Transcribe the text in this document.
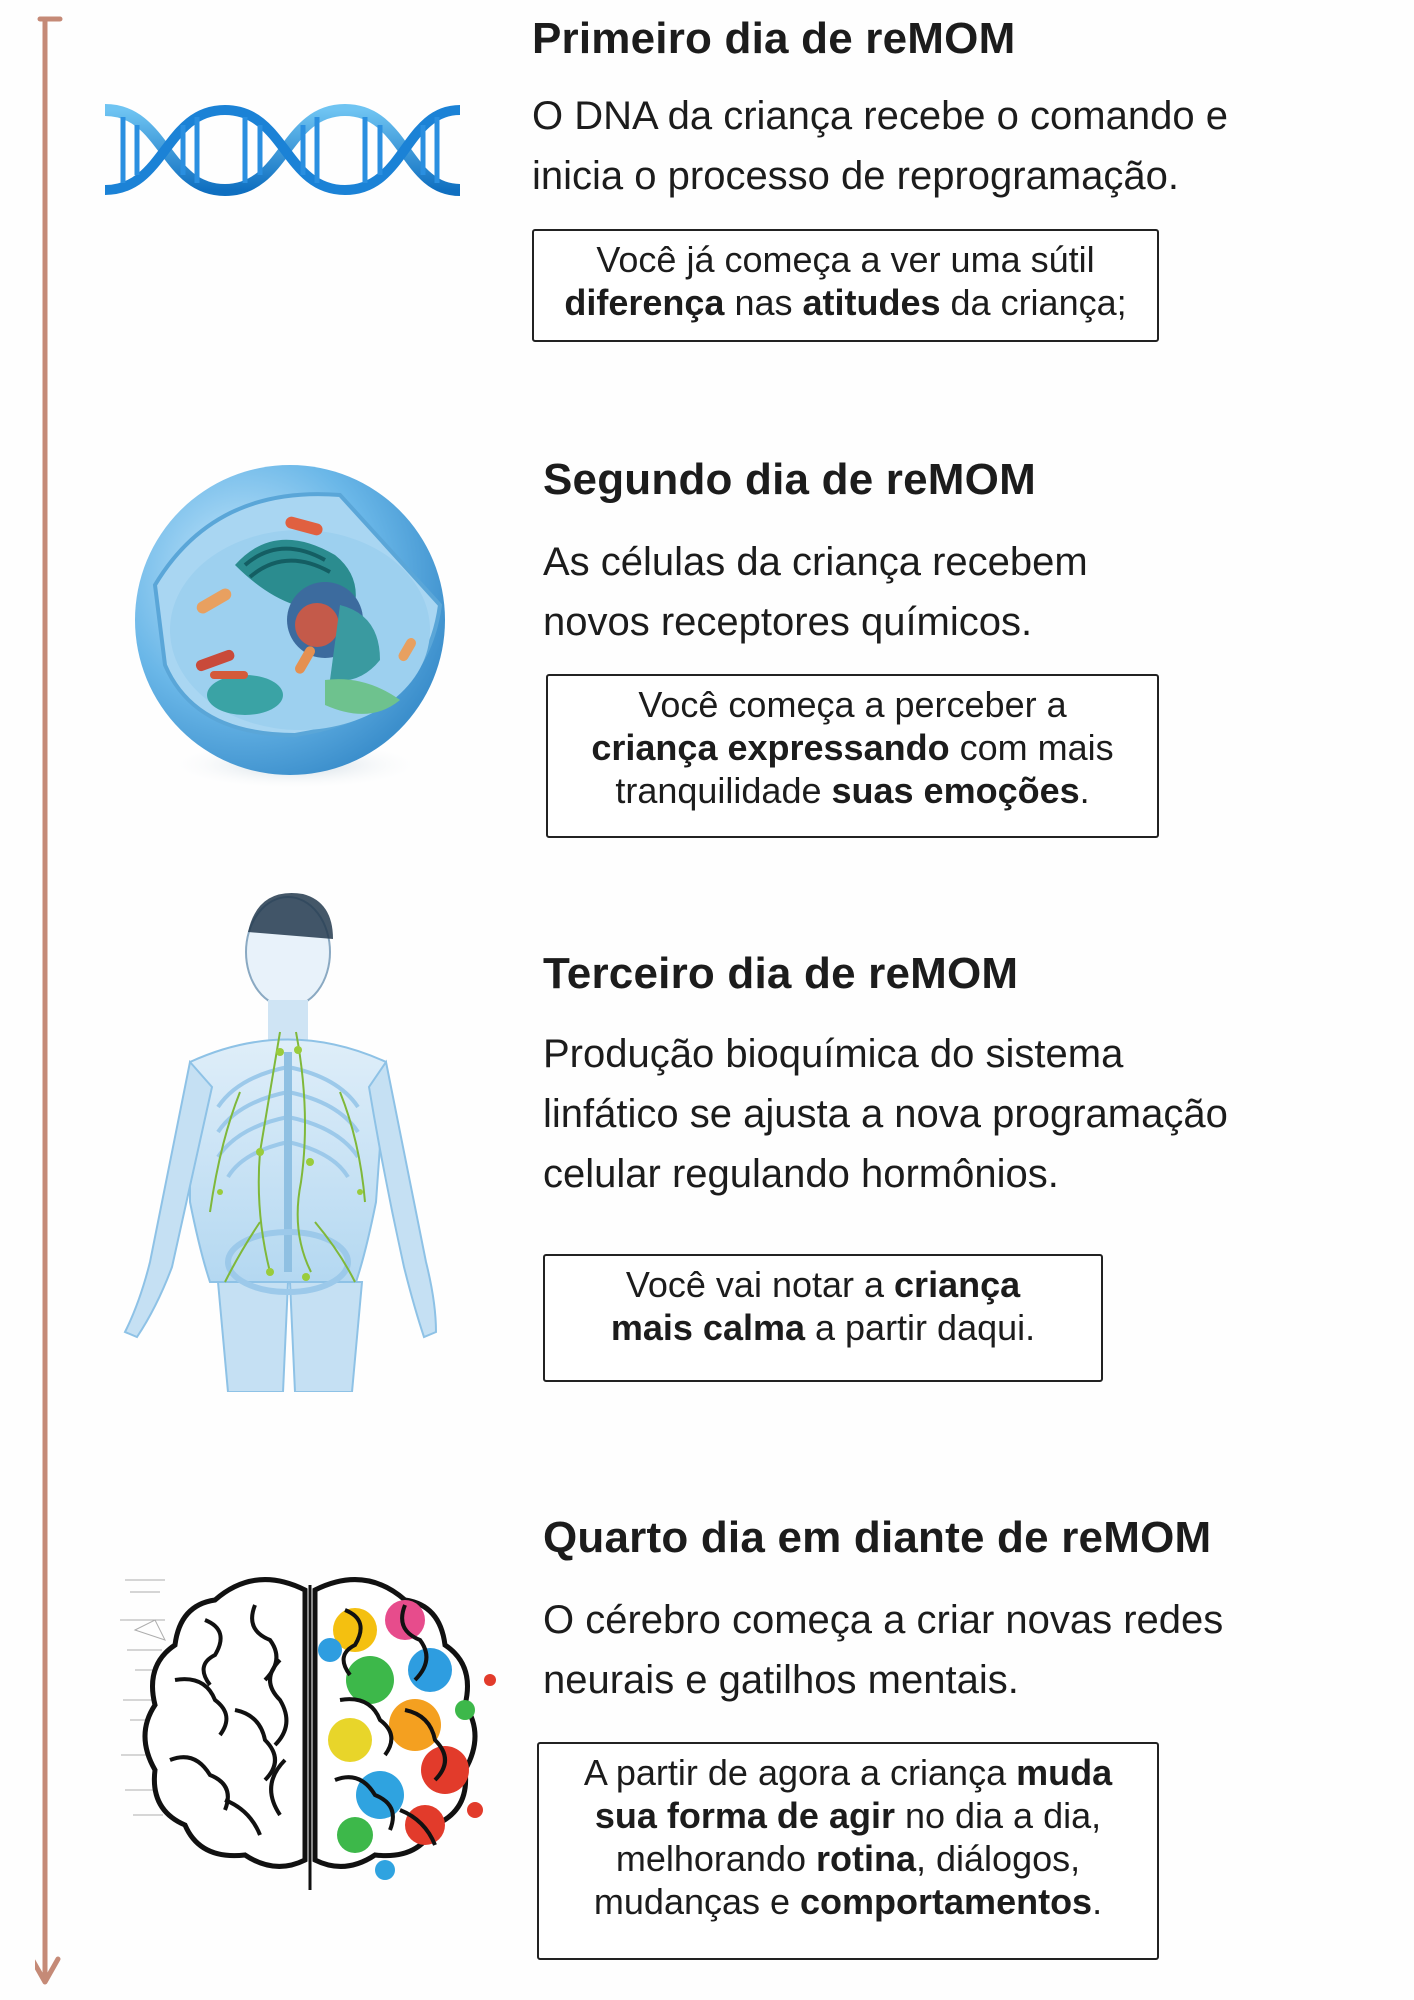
Primeiro dia de reMOM
O DNA da criança recebe o comando e
inicia o processo de reprogramação.
Você já começa a ver uma sútil
diferença nas atitudes da criança;
Segundo dia de reMOM
As células da criança recebem
novos receptores químicos.
Você começa a perceber a
criança expressando com mais
tranquilidade suas emoções.
Terceiro dia de reMOM
Produção bioquímica do sistema
linfático se ajusta a nova programação
celular regulando hormônios.
Você vai notar a criança
mais calma a partir daqui.
Quarto dia em diante de reMOM
O cérebro começa a criar novas redes
neurais e gatilhos mentais.
A partir de agora a criança muda
sua forma de agir no dia a dia,
melhorando rotina, diálogos,
mudanças e comportamentos.
